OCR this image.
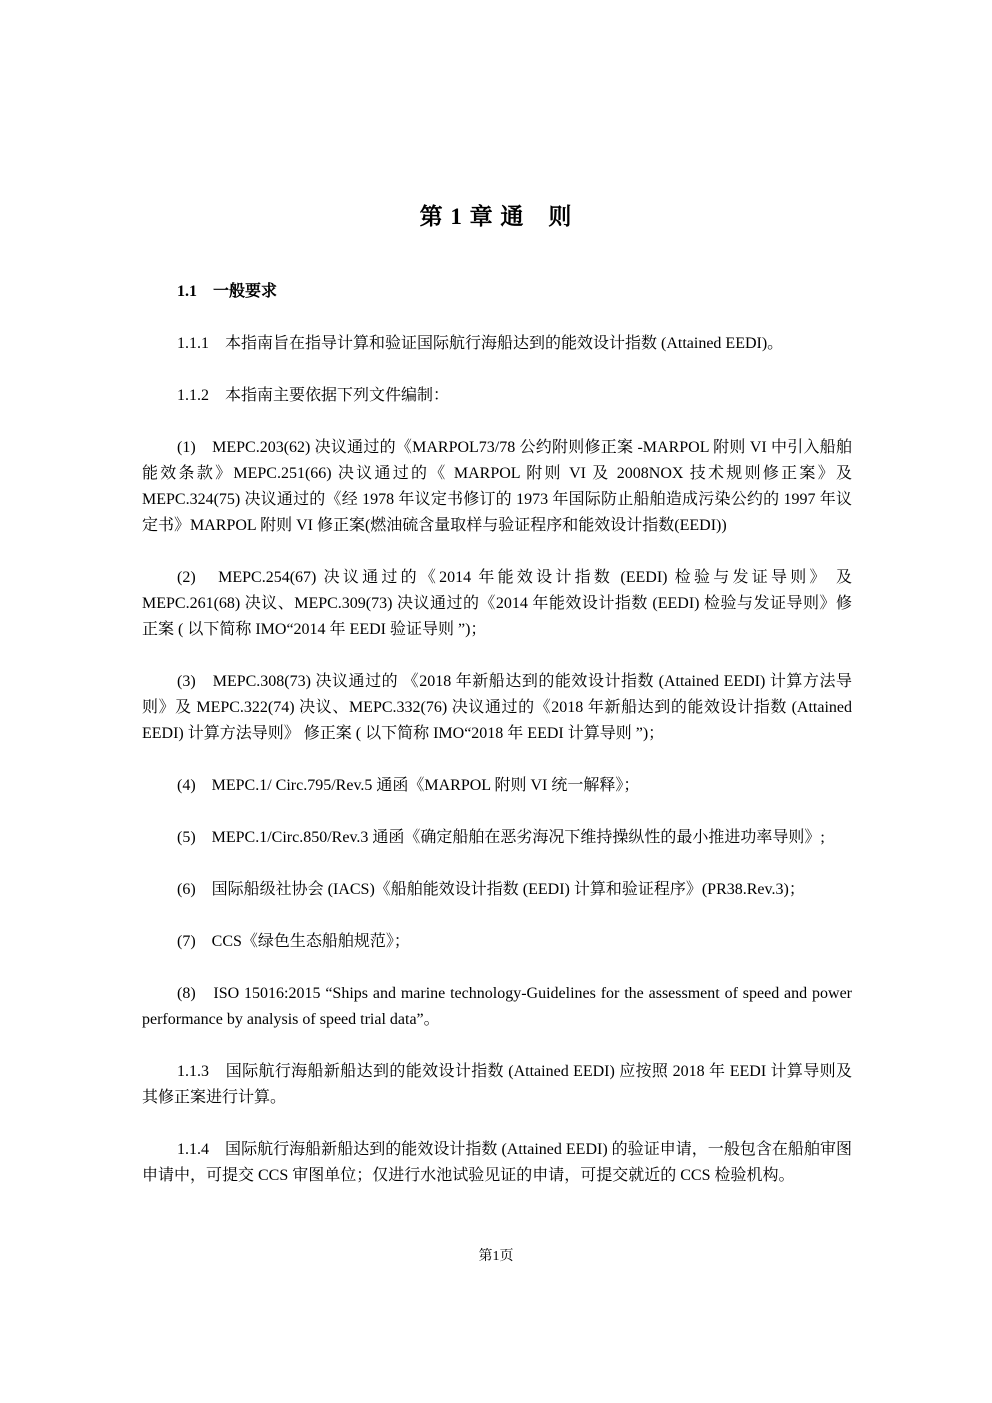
第 1 章 通　则

1.1　一般要求

1.1.1　本指南旨在指导计算和验证国际航行海船达到的能效设计指数 (Attained EEDI)。

1.1.2　本指南主要依据下列文件编制：

(1)　MEPC.203(62) 决议通过的《MARPOL73/78 公约附则修正案 -MARPOL 附则 VI 中引入船舶能效条款》MEPC.251(66) 决议通过的《 MARPOL 附则 VI 及 2008NOX 技术规则修正案》及 MEPC.324(75) 决议通过的《经 1978 年议定书修订的 1973 年国际防止船舶造成污染公约的 1997 年议定书》MARPOL 附则 VI 修正案(燃油硫含量取样与验证程序和能效设计指数(EEDI))

(2)　MEPC.254(67) 决议通过的《2014 年能效设计指数 (EEDI) 检验与发证导则》 及 MEPC.261(68) 决议、MEPC.309(73) 决议通过的《2014 年能效设计指数 (EEDI) 检验与发证导则》修正案 ( 以下简称 IMO“2014 年 EEDI 验证导则 ”)；

(3)　MEPC.308(73) 决议通过的 《2018 年新船达到的能效设计指数 (Attained EEDI) 计算方法导则》及 MEPC.322(74) 决议、MEPC.332(76) 决议通过的《2018 年新船达到的能效设计指数 (Attained EEDI) 计算方法导则》 修正案 ( 以下简称 IMO“2018 年 EEDI 计算导则 ”)；

(4)　MEPC.1/ Circ.795/Rev.5 通函《MARPOL 附则 VI 统一解释》；

(5)　MEPC.1/Circ.850/Rev.3 通函《确定船舶在恶劣海况下维持操纵性的最小推进功率导则》;

(6)　国际船级社协会 (IACS)《船舶能效设计指数 (EEDI) 计算和验证程序》(PR38.Rev.3)；

(7)　CCS《绿色生态船舶规范》；

(8)　ISO 15016:2015 “Ships and marine technology-Guidelines for the assessment of speed and power performance by analysis of speed trial data”。

1.1.3　国际航行海船新船达到的能效设计指数 (Attained EEDI) 应按照 2018 年 EEDI 计算导则及其修正案进行计算。

1.1.4　国际航行海船新船达到的能效设计指数 (Attained EEDI) 的验证申请，一般包含在船舶审图申请中，可提交 CCS 审图单位；仅进行水池试验见证的申请，可提交就近的 CCS 检验机构。

第1页
